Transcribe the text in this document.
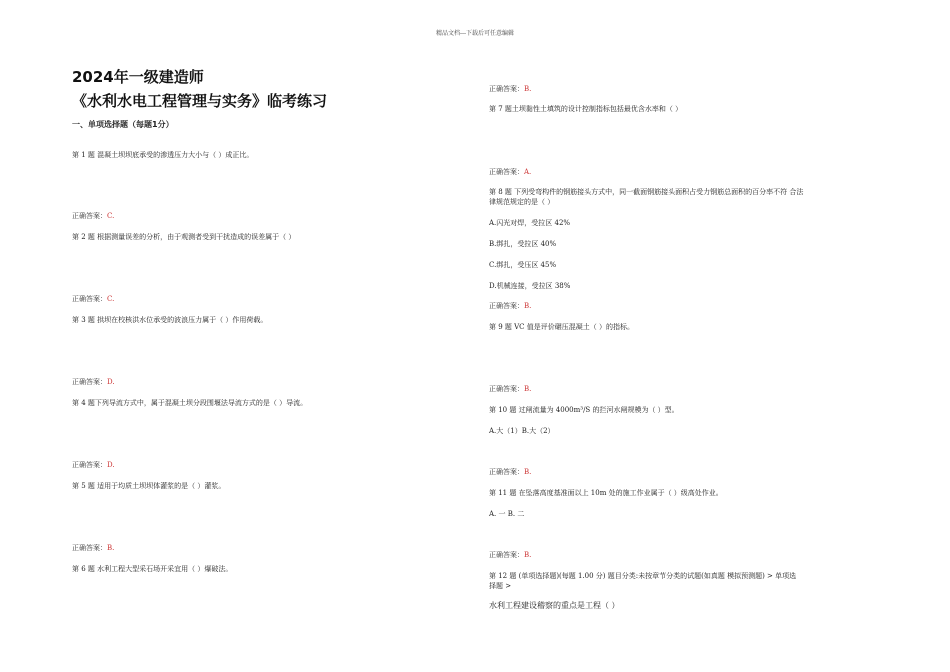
精品文档---下载后可任意编辑
2024年一级建造师
《水利水电工程管理与实务》临考练习
一、单项选择题（每题1分）
第 1 题 混凝土坝坝底承受的渗透压力大小与（ ）成正比。
正确答案：C.
第 2 题 根据测量误差的分析，由于观测者受到干扰造成的误差属于（ ）
正确答案：C.
第 3 题 拱坝在校核洪水位承受的波浪压力属于（ ）作用荷载。
正确答案：D.
第 4 题下列导流方式中，属于混凝土坝分段围堰法导流方式的是（ ）导流。
正确答案：D.
第 5 题 适用于均质土坝坝体灌浆的是（ ）灌浆。
正确答案：B.
第 6 题 水利工程大型采石场开采宜用（ ）爆破法。
正确答案：B.
第 7 题土坝黏性土填筑的设计控制指标包括最优含水率和（ ）
正确答案：A.
第 8 题 下列受弯构件的钢筋接头方式中，同一截面钢筋接头面积占受力钢筋总面积的百分率不符 合法
律规范规定的是（ ）
A.闪光对焊，受拉区 42%
B.绑扎，受拉区 40%
C.绑扎，受压区 45%
D.机械连接，受拉区 38%
正确答案：B.
第 9 题 VC 值是评价碾压混凝土（ ）的指标。
正确答案：B.
第 10 题 过闸流量为 4000m³/S 的拦河水闸规模为（ ）型。
A.大（1）B.大（2）
正确答案：B.
第 11 题 在坠落高度基准面以上 10m 处的施工作业属于（ ）级高处作业。
A. 一 B. 二
正确答案：B.
第 12 题 (单项选择题)(每题 1.00 分) 题目分类:未按章节分类的试题(如真题 模拟预测题) > 单项选
择题 >
水利工程建设稽察的重点是工程（ ）
